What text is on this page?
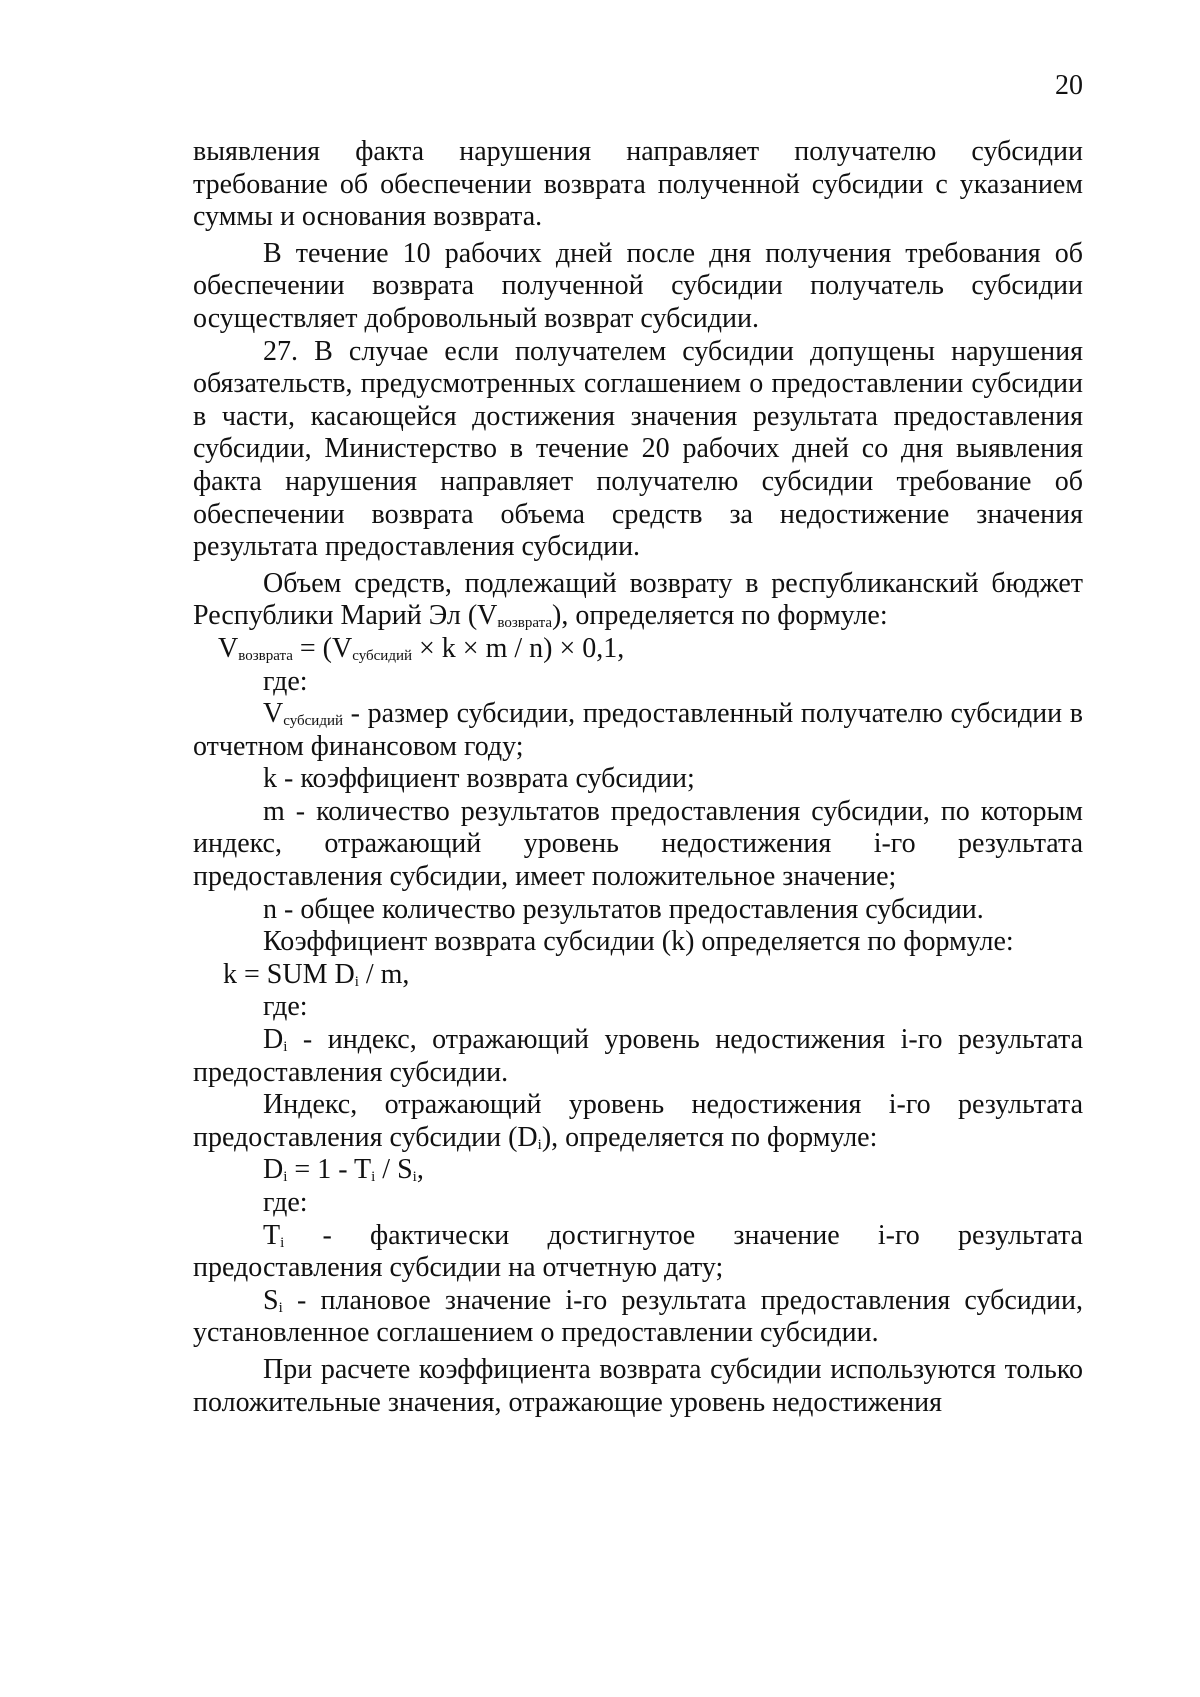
20

выявления факта нарушения направляет получателю субсидии требование об обеспечении возврата полученной субсидии с указанием суммы и основания возврата.

В течение 10 рабочих дней после дня получения требования об обеспечении возврата полученной субсидии получатель субсидии осуществляет добровольный возврат субсидии.

27. В случае если получателем субсидии допущены нарушения обязательств, предусмотренных соглашением о предоставлении субсидии в части, касающейся достижения значения результата предоставления субсидии, Министерство в течение 20 рабочих дней со дня выявления факта нарушения направляет получателю субсидии требование об обеспечении возврата объема средств за недостижение значения результата предоставления субсидии.

Объем средств, подлежащий возврату в республиканский бюджет Республики Марий Эл $(V_{возврата})$, определяется по формуле:

$V_{возврата} = (V_{субсидий} \times k \times m / n) \times 0,1$,

где:

$V_{субсидий}$ - размер субсидии, предоставленный получателю субсидии в отчетном финансовом году;

k - коэффициент возврата субсидии;

m - количество результатов предоставления субсидии, по которым индекс, отражающий уровень недостижения i-го результата предоставления субсидии, имеет положительное значение;

n - общее количество результатов предоставления субсидии.

Коэффициент возврата субсидии (k) определяется по формуле:

k = SUM $D_i$ / m,

где:

$D_i$ - индекс, отражающий уровень недостижения i-го результата предоставления субсидии.

Индекс, отражающий уровень недостижения i-го результата предоставления субсидии $(D_i)$, определяется по формуле:

$D_i = 1 - T_i / S_i$,

где:

$T_i$ - фактически достигнутое значение i-го результата предоставления субсидии на отчетную дату;

$S_i$ - плановое значение i-го результата предоставления субсидии, установленное соглашением о предоставлении субсидии.

При расчете коэффициента возврата субсидии используются только положительные значения, отражающие уровень недостижения
